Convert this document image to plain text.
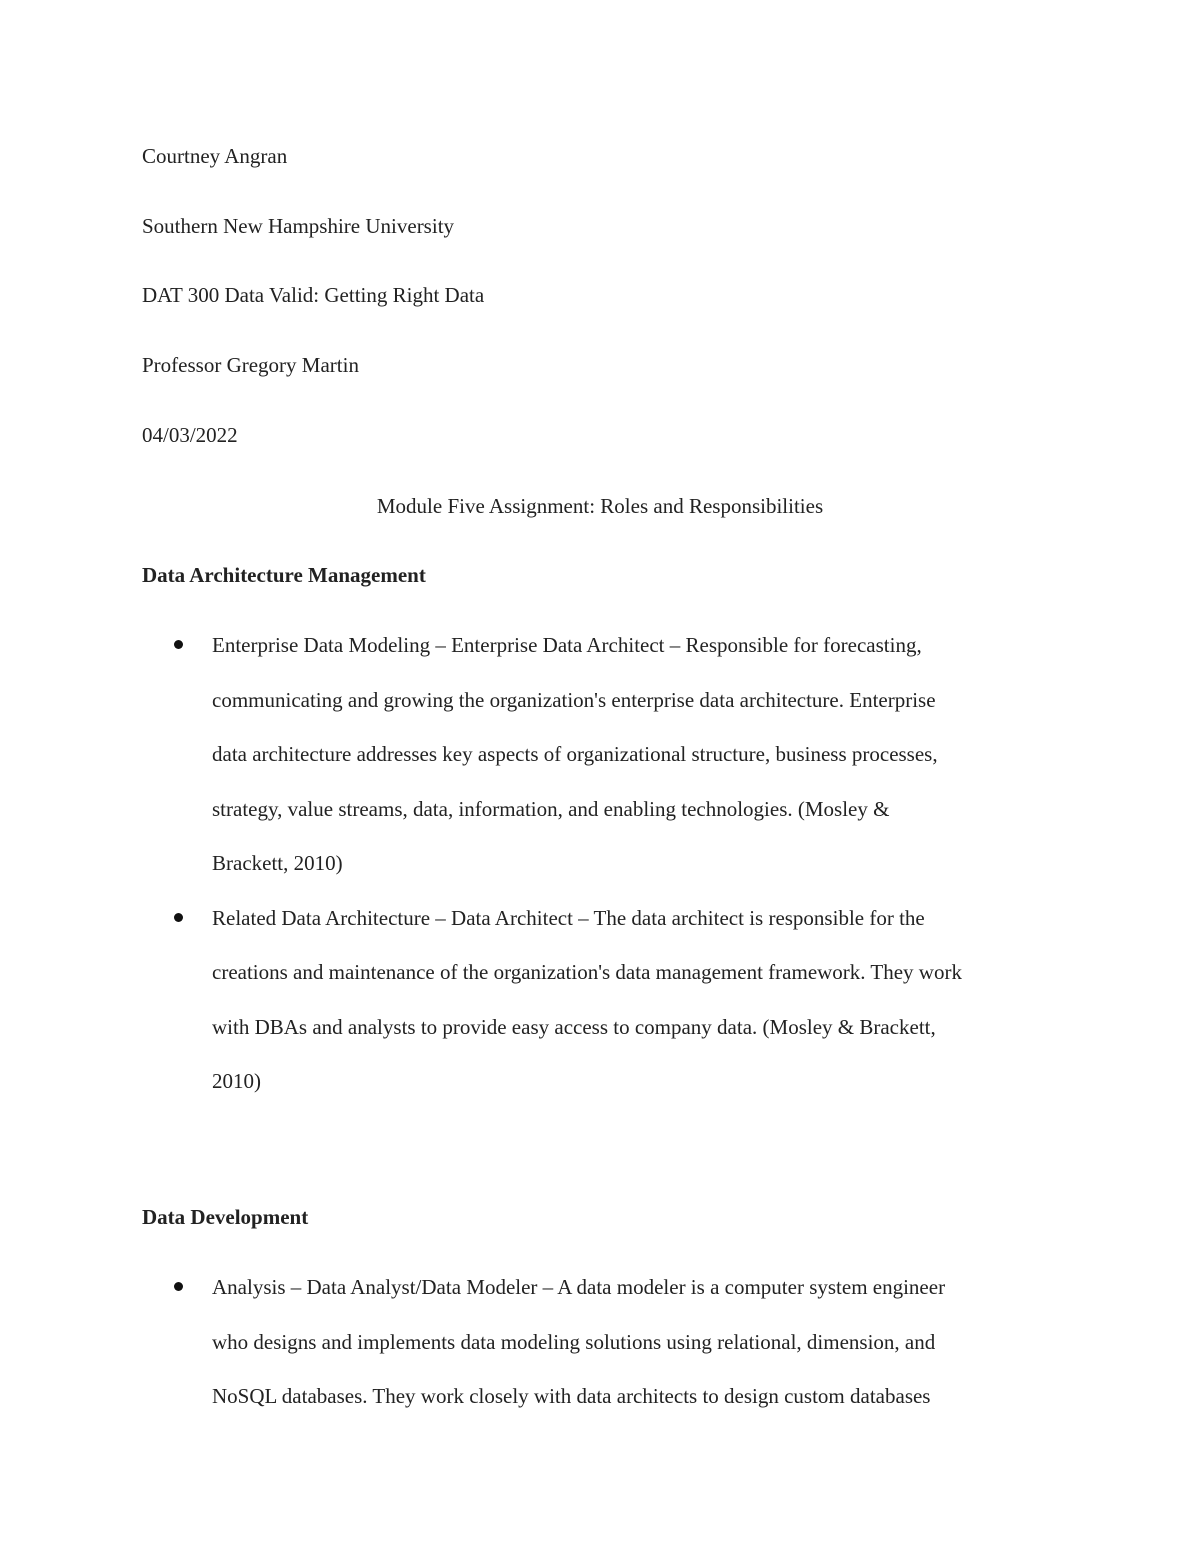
Courtney Angran
Southern New Hampshire University
DAT 300 Data Valid: Getting Right Data
Professor Gregory Martin
04/03/2022
Module Five Assignment: Roles and Responsibilities
Data Architecture Management
Enterprise Data Modeling – Enterprise Data Architect – Responsible for forecasting,
communicating and growing the organization's enterprise data architecture. Enterprise
data architecture addresses key aspects of organizational structure, business processes,
strategy, value streams, data, information, and enabling technologies. (Mosley &
Brackett, 2010)
Related Data Architecture – Data Architect – The data architect is responsible for the
creations and maintenance of the organization's data management framework. They work
with DBAs and analysts to provide easy access to company data. (Mosley & Brackett,
2010)
Data Development
Analysis – Data Analyst/Data Modeler – A data modeler is a computer system engineer
who designs and implements data modeling solutions using relational, dimension, and
NoSQL databases. They work closely with data architects to design custom databases
